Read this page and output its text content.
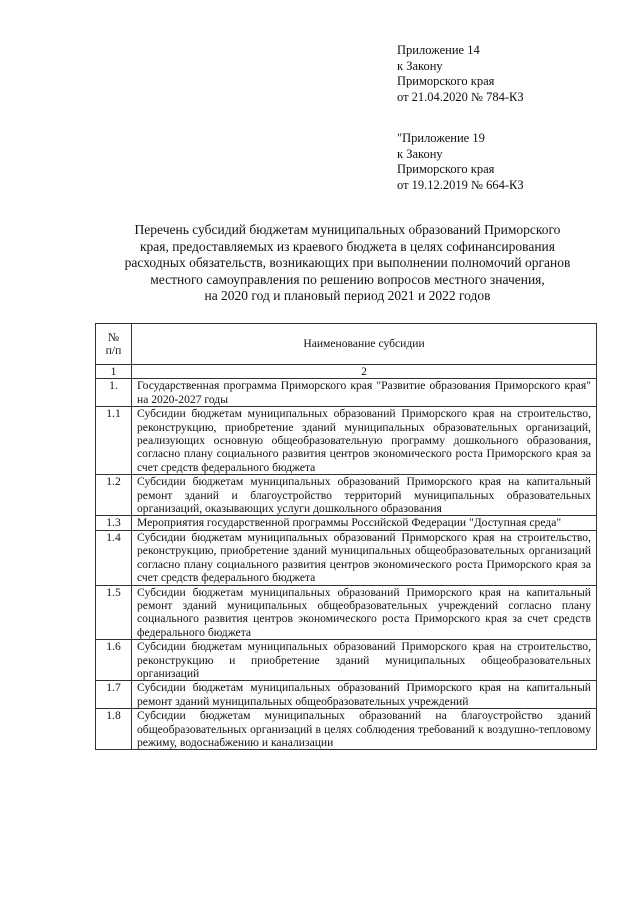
Приложение 14
к Закону
Приморского края
от 21.04.2020 № 784-КЗ
"Приложение 19
к Закону
Приморского края
от 19.12.2019 № 664-КЗ
Перечень субсидий бюджетам муниципальных образований Приморского
края, предоставляемых из краевого бюджета в целях софинансирования
расходных обязательств, возникающих при выполнении полномочий органов
местного самоуправления по решению вопросов местного значения,
на 2020 год и плановый период 2021 и 2022 годов
№
п/п	Наименование субсидии
1	2
1.	Государственная программа Приморского края "Развитие образования Приморского края" на 2020-2027 годы
1.1	Субсидии бюджетам муниципальных образований Приморского края на строительство, реконструкцию, приобретение зданий муниципальных образовательных организаций, реализующих основную общеобразовательную программу дошкольного образования, согласно плану социального развития центров экономического роста Приморского края за счет средств федерального бюджета
1.2	Субсидии бюджетам муниципальных образований Приморского края на капитальный ремонт зданий и благоустройство территорий муниципальных образовательных организаций, оказывающих услуги дошкольного образования
1.3	Мероприятия государственной программы Российской Федерации "Доступная среда"
1.4	Субсидии бюджетам муниципальных образований Приморского края на строительство, реконструкцию, приобретение зданий муниципальных общеобразовательных организаций согласно плану социального развития центров экономического роста Приморского края за счет средств федерального бюджета
1.5	Субсидии бюджетам муниципальных образований Приморского края на капитальный ремонт зданий муниципальных общеобразовательных учреждений согласно плану социального развития центров экономического роста Приморского края за счет средств федерального бюджета
1.6	Субсидии бюджетам муниципальных образований Приморского края на строительство, реконструкцию и приобретение зданий муниципальных общеобразовательных организаций
1.7	Субсидии бюджетам муниципальных образований Приморского края на капитальный ремонт зданий муниципальных общеобразовательных учреждений
1.8	Субсидии бюджетам муниципальных образований на благоустройство зданий общеобразовательных организаций в целях соблюдения требований к воздушно-тепловому режиму, водоснабжению и канализации
